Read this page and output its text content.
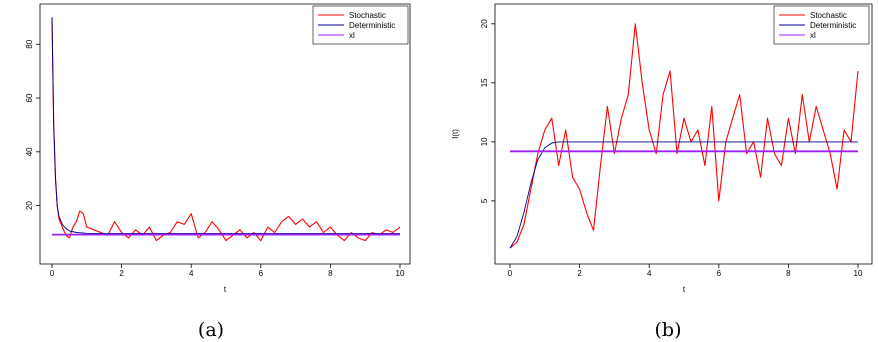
0	2	4	6	8	10
20
40
60
80
t
Stochastic
Deterministic
xl
(a)
0	2	4	6	8	10
5
10
15
20
I(t)
t
Stochastic
Deterministic
xl
(b)
